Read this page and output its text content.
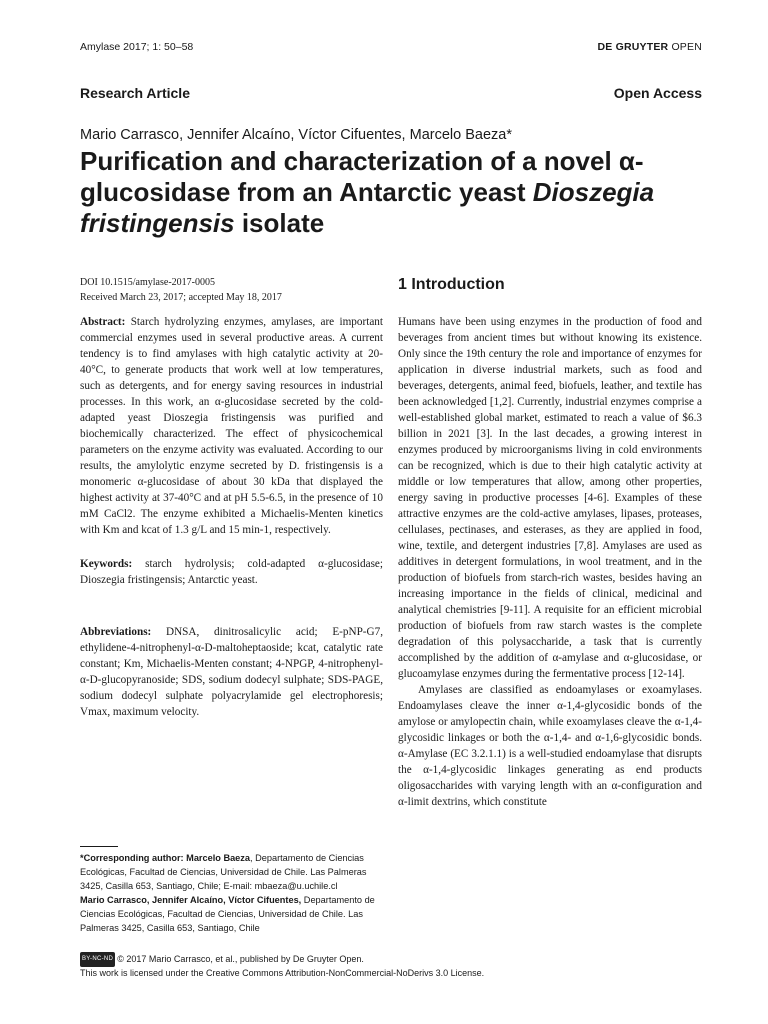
Amylase 2017; 1: 50–58	DE GRUYTER OPEN
Research Article	Open Access
Mario Carrasco, Jennifer Alcaíno, Víctor Cifuentes, Marcelo Baeza*
Purification and characterization of a novel α-glucosidase from an Antarctic yeast Dioszegia fristingensis isolate
DOI 10.1515/amylase-2017-0005
Received March 23, 2017; accepted May 18, 2017

Abstract: Starch hydrolyzing enzymes, amylases, are important commercial enzymes used in several productive areas. A current tendency is to find amylases with high catalytic activity at 20-40°C, to generate products that work well at low temperatures, such as detergents, and for energy saving resources in industrial processes. In this work, an α-glucosidase secreted by the cold-adapted yeast Dioszegia fristingensis was purified and biochemically characterized. The effect of physicochemical parameters on the enzyme activity was evaluated. According to our results, the amylolytic enzyme secreted by D. fristingensis is a monomeric α-glucosidase of about 30 kDa that displayed the highest activity at 37-40°C and at pH 5.5-6.5, in the presence of 10 mM CaCl2. The enzyme exhibited a Michaelis-Menten kinetics with Km and kcat of 1.3 g/L and 15 min-1, respectively.

Keywords: starch hydrolysis; cold-adapted α-glucosidase; Dioszegia fristingensis; Antarctic yeast.

Abbreviations: DNSA, dinitrosalicylic acid; E-pNP-G7, ethylidene-4-nitrophenyl-α-D-maltoheptaoside; kcat, catalytic rate constant; Km, Michaelis-Menten constant; 4-NPGP, 4-nitrophenyl-α-D-glucopyranoside; SDS, sodium dodecyl sulphate; SDS-PAGE, sodium dodecyl sulphate polyacrylamide gel electrophoresis; Vmax, maximum velocity.

*Corresponding author: Marcelo Baeza, Departamento de Ciencias Ecológicas, Facultad de Ciencias, Universidad de Chile. Las Palmeras 3425, Casilla 653, Santiago, Chile; E-mail: mbaeza@u.uchile.cl

Mario Carrasco, Jennifer Alcaíno, Víctor Cifuentes, Departamento de Ciencias Ecológicas, Facultad de Ciencias, Universidad de Chile. Las Palmeras 3425, Casilla 653, Santiago, Chile

BY-NC-ND © 2017 Mario Carrasco, et al., published by De Gruyter Open.
This work is licensed under the Creative Commons Attribution-NonCommercial-NoDerivs 3.0 License.
1 Introduction

Humans have been using enzymes in the production of food and beverages from ancient times but without knowing its existence. Only since the 19th century the role and importance of enzymes for application in diverse industrial markets, such as food and beverages, detergents, animal feed, biofuels, leather, and textile has been acknowledged [1,2]. Currently, industrial enzymes comprise a well-established global market, estimated to reach a value of $6.3 billion in 2021 [3]. In the last decades, a growing interest in enzymes produced by microorganisms living in cold environments can be recognized, which is due to their high catalytic activity at middle or low temperatures that allow, among other properties, energy saving in productive processes [4-6]. Examples of these attractive enzymes are the cold-active amylases, lipases, proteases, cellulases, pectinases, and esterases, as they are applied in food, wine, textile, and detergent industries [7,8]. Amylases are used as additives in detergent formulations, in wool treatment, and in the production of biofuels from starch-rich wastes, besides having an increasing importance in the fields of clinical, medicinal and analytical chemistries [9-11]. A requisite for an efficient microbial production of biofuels from raw starch wastes is the complete degradation of this polysaccharide, a task that is currently accomplished by the addition of α-amylase and α-glucosidase, or glucoamylase enzymes during the fermentative process [12-14].

Amylases are classified as endoamylases or exoamylases. Endoamylases cleave the inner α-1,4-glycosidic bonds of the amylose or amylopectin chain, while exoamylases cleave the α-1,4-glycosidic linkages or both the α-1,4- and α-1,6-glycosidic bonds. α-Amylase (EC 3.2.1.1) is a well-studied endoamylase that disrupts the α-1,4-glycosidic linkages generating as end products oligosaccharides with varying length with an α-configuration and α-limit dextrins, which constitute
